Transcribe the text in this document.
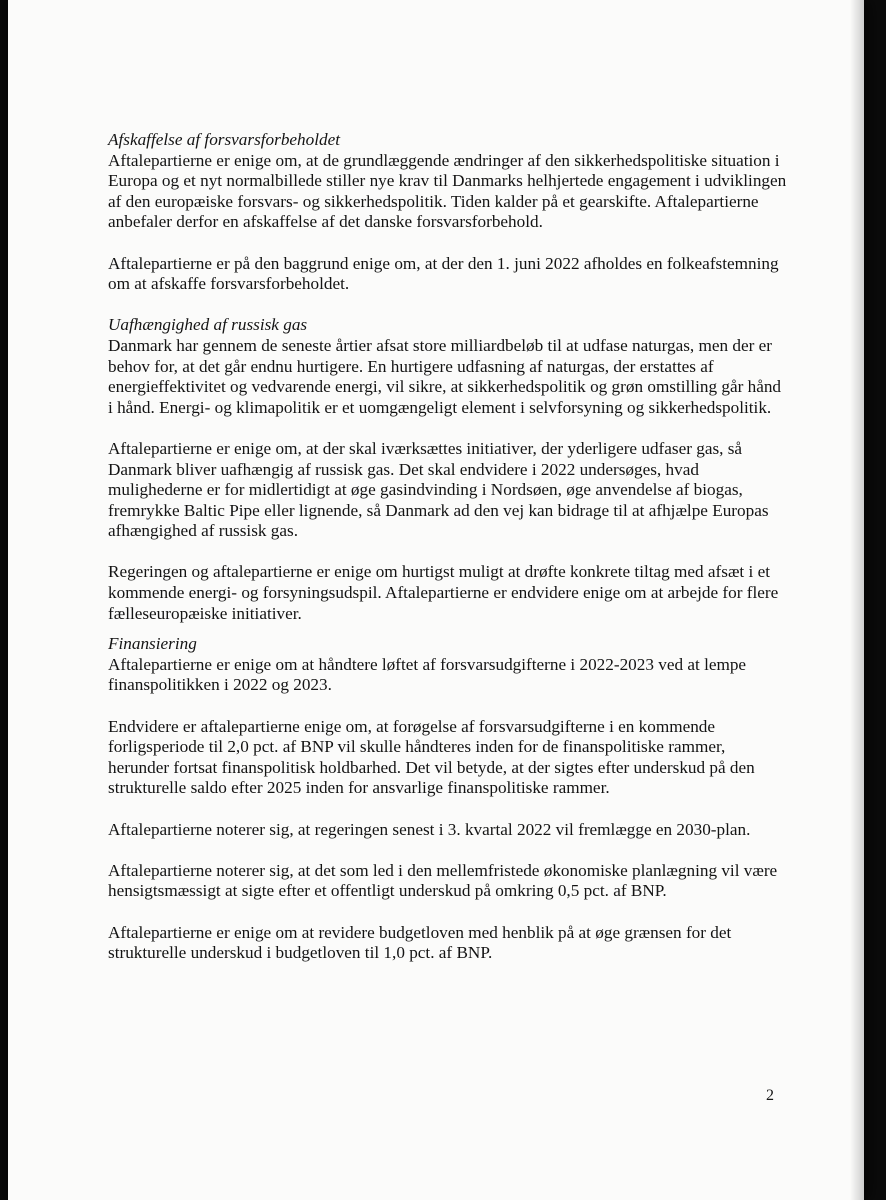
Afskaffelse af forsvarsforbeholdet

Aftalepartierne er enige om, at de grundlæggende ændringer af den sikkerhedspolitiske situation i Europa og et nyt normalbillede stiller nye krav til Danmarks helhjertede engagement i udviklingen af den europæiske forsvars- og sikkerhedspolitik. Tiden kalder på et gearskifte. Aftalepartierne anbefaler derfor en afskaffelse af det danske forsvarsforbehold.

Aftalepartierne er på den baggrund enige om, at der den 1. juni 2022 afholdes en folkeafstemning om at afskaffe forsvarsforbeholdet.

Uafhængighed af russisk gas

Danmark har gennem de seneste årtier afsat store milliardbeløb til at udfase naturgas, men der er behov for, at det går endnu hurtigere. En hurtigere udfasning af naturgas, der erstattes af energieffektivitet og vedvarende energi, vil sikre, at sikkerhedspolitik og grøn omstilling går hånd i hånd. Energi- og klimapolitik er et uomgængeligt element i selvforsyning og sikkerhedspolitik.

Aftalepartierne er enige om, at der skal iværksættes initiativer, der yderligere udfaser gas, så Danmark bliver uafhængig af russisk gas. Det skal endvidere i 2022 undersøges, hvad mulighederne er for midlertidigt at øge gasindvinding i Nordsøen, øge anvendelse af biogas, fremrykke Baltic Pipe eller lignende, så Danmark ad den vej kan bidrage til at afhjælpe Europas afhængighed af russisk gas.

Regeringen og aftalepartierne er enige om hurtigst muligt at drøfte konkrete tiltag med afsæt i et kommende energi- og forsyningsudspil. Aftalepartierne er endvidere enige om at arbejde for flere fælleseuropæiske initiativer.

Finansiering

Aftalepartierne er enige om at håndtere løftet af forsvarsudgifterne i 2022-2023 ved at lempe finanspolitikken i 2022 og 2023.

Endvidere er aftalepartierne enige om, at forøgelse af forsvarsudgifterne i en kommende forligsperiode til 2,0 pct. af BNP vil skulle håndteres inden for de finanspolitiske rammer, herunder fortsat finanspolitisk holdbarhed. Det vil betyde, at der sigtes efter underskud på den strukturelle saldo efter 2025 inden for ansvarlige finanspolitiske rammer.

Aftalepartierne noterer sig, at regeringen senest i 3. kvartal 2022 vil fremlægge en 2030-plan.

Aftalepartierne noterer sig, at det som led i den mellemfristede økonomiske planlægning vil være hensigtsmæssigt at sigte efter et offentligt underskud på omkring 0,5 pct. af BNP.

Aftalepartierne er enige om at revidere budgetloven med henblik på at øge grænsen for det strukturelle underskud i budgetloven til 1,0 pct. af BNP.

2
